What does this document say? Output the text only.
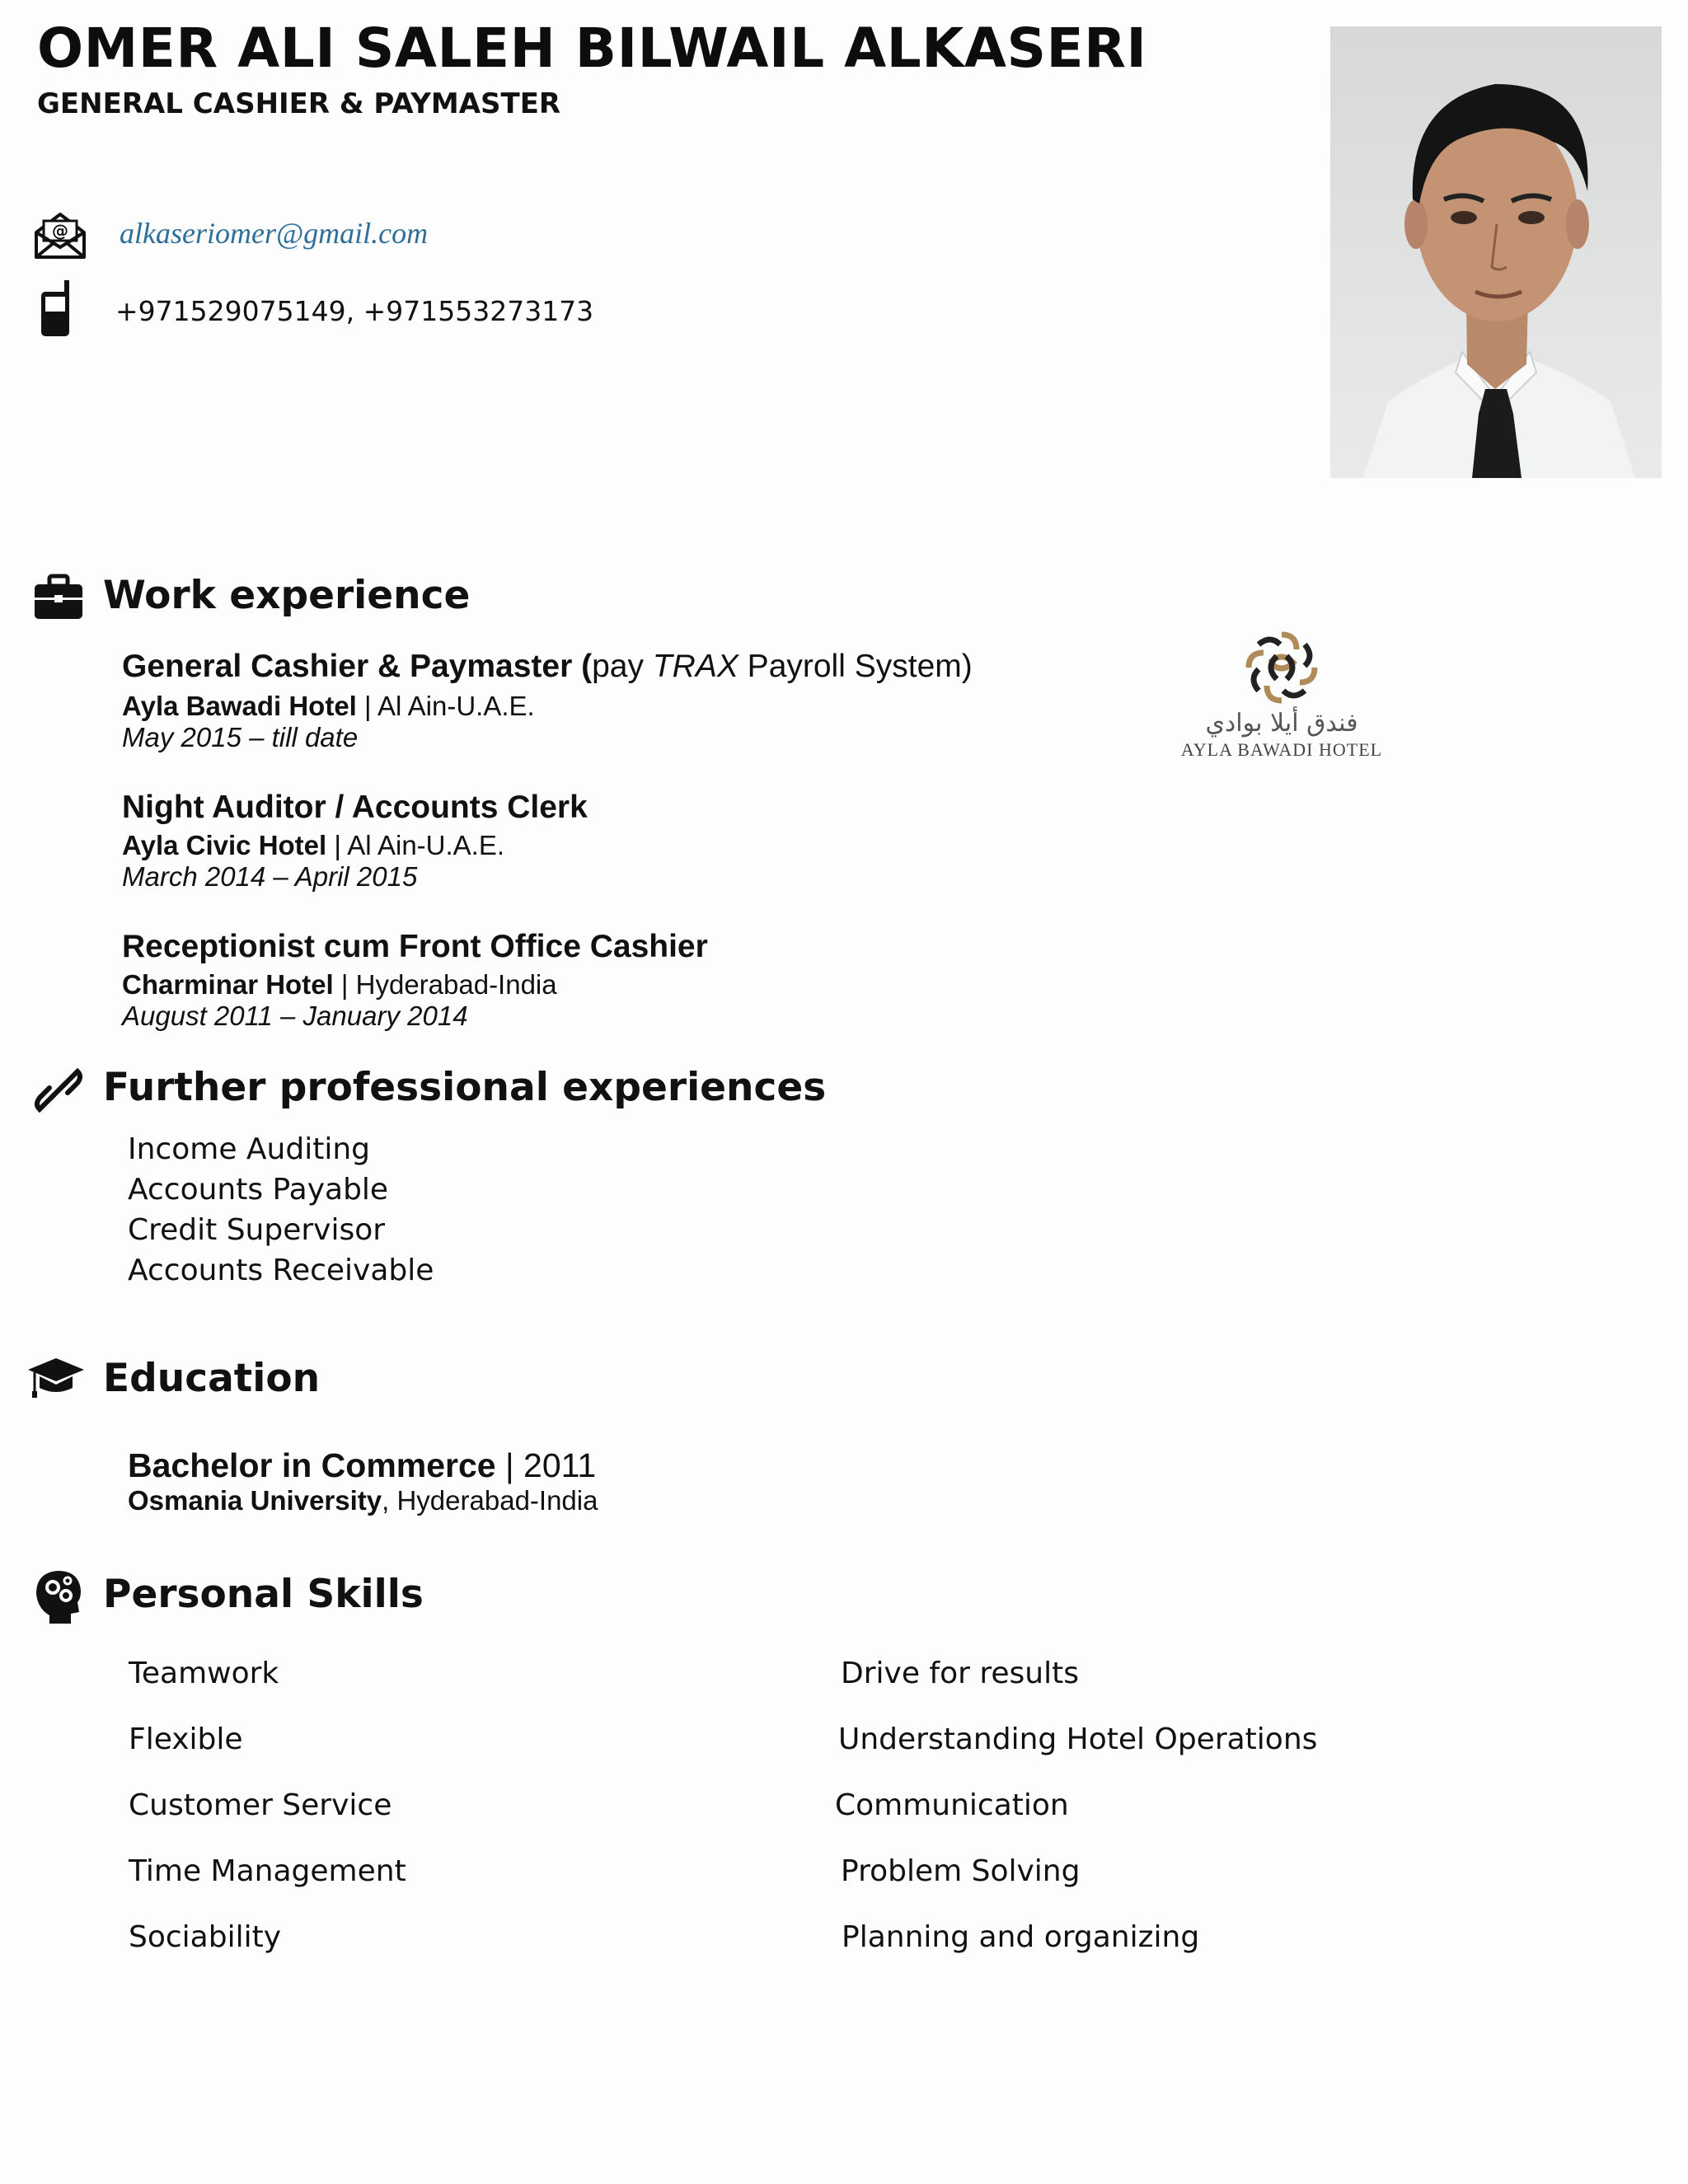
OMER ALI SALEH BILWAIL ALKASERI
GENERAL CASHIER & PAYMASTER
@ alkaseriomer@gmail.com
+971529075149, +971553273173
Work experience
General Cashier & Paymaster (pay TRAX Payroll System)
Ayla Bawadi Hotel | Al Ain-U.A.E.
May 2015 – till date
Night Auditor / Accounts Clerk
Ayla Civic Hotel | Al Ain-U.A.E.
March 2014 – April 2015
Receptionist cum Front Office Cashier
Charminar Hotel | Hyderabad-India
August 2011 – January 2014
فندق أيلا بوادي
AYLA BAWADI HOTEL
Further professional experiences
Income Auditing
Accounts Payable
Credit Supervisor
Accounts Receivable
Education
Bachelor in Commerce | 2011
Osmania University, Hyderabad-India
Personal Skills
Teamwork
Flexible
Customer Service
Time Management
Sociability
Drive for results
Understanding Hotel Operations
Communication
Problem Solving
Planning and organizing
